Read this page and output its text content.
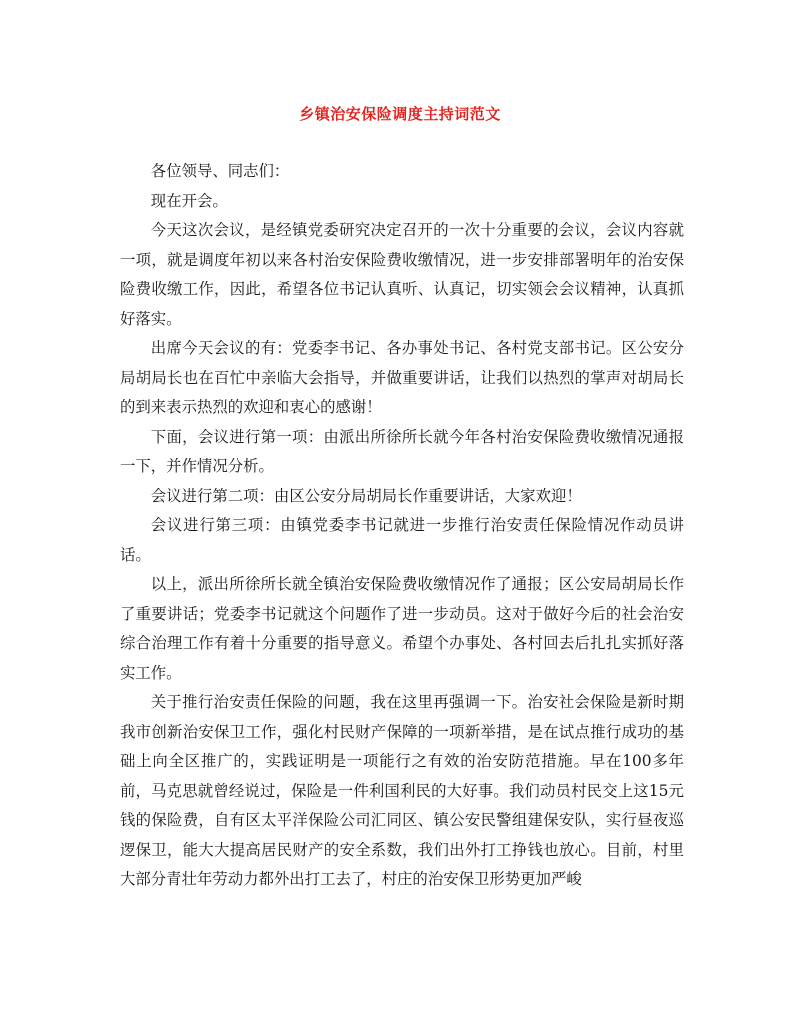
乡镇治安保险调度主持词范文

各位领导、同志们：

现在开会。

今天这次会议，是经镇党委研究决定召开的一次十分重要的会议，会议内容就一项，就是调度年初以来各村治安保险费收缴情况，进一步安排部署明年的治安保险费收缴工作，因此，希望各位书记认真听、认真记，切实领会会议精神，认真抓好落实。

出席今天会议的有：党委李书记、各办事处书记、各村党支部书记。区公安分局胡局长也在百忙中亲临大会指导，并做重要讲话，让我们以热烈的掌声对胡局长的到来表示热烈的欢迎和衷心的感谢！

下面，会议进行第一项：由派出所徐所长就今年各村治安保险费收缴情况通报一下，并作情况分析。

会议进行第二项：由区公安分局胡局长作重要讲话，大家欢迎！

会议进行第三项：由镇党委李书记就进一步推行治安责任保险情况作动员讲话。

以上，派出所徐所长就全镇治安保险费收缴情况作了通报；区公安局胡局长作了重要讲话；党委李书记就这个问题作了进一步动员。这对于做好今后的社会治安综合治理工作有着十分重要的指导意义。希望个办事处、各村回去后扎扎实抓好落实工作。

关于推行治安责任保险的问题，我在这里再强调一下。治安社会保险是新时期我市创新治安保卫工作，强化村民财产保障的一项新举措，是在试点推行成功的基础上向全区推广的，实践证明是一项能行之有效的治安防范措施。早在100多年前，马克思就曾经说过，保险是一件利国利民的大好事。我们动员村民交上这15元钱的保险费，自有区太平洋保险公司汇同区、镇公安民警组建保安队，实行昼夜巡逻保卫，能大大提高居民财产的安全系数，我们出外打工挣钱也放心。目前，村里大部分青壮年劳动力都外出打工去了，村庄的治安保卫形势更加严峻
